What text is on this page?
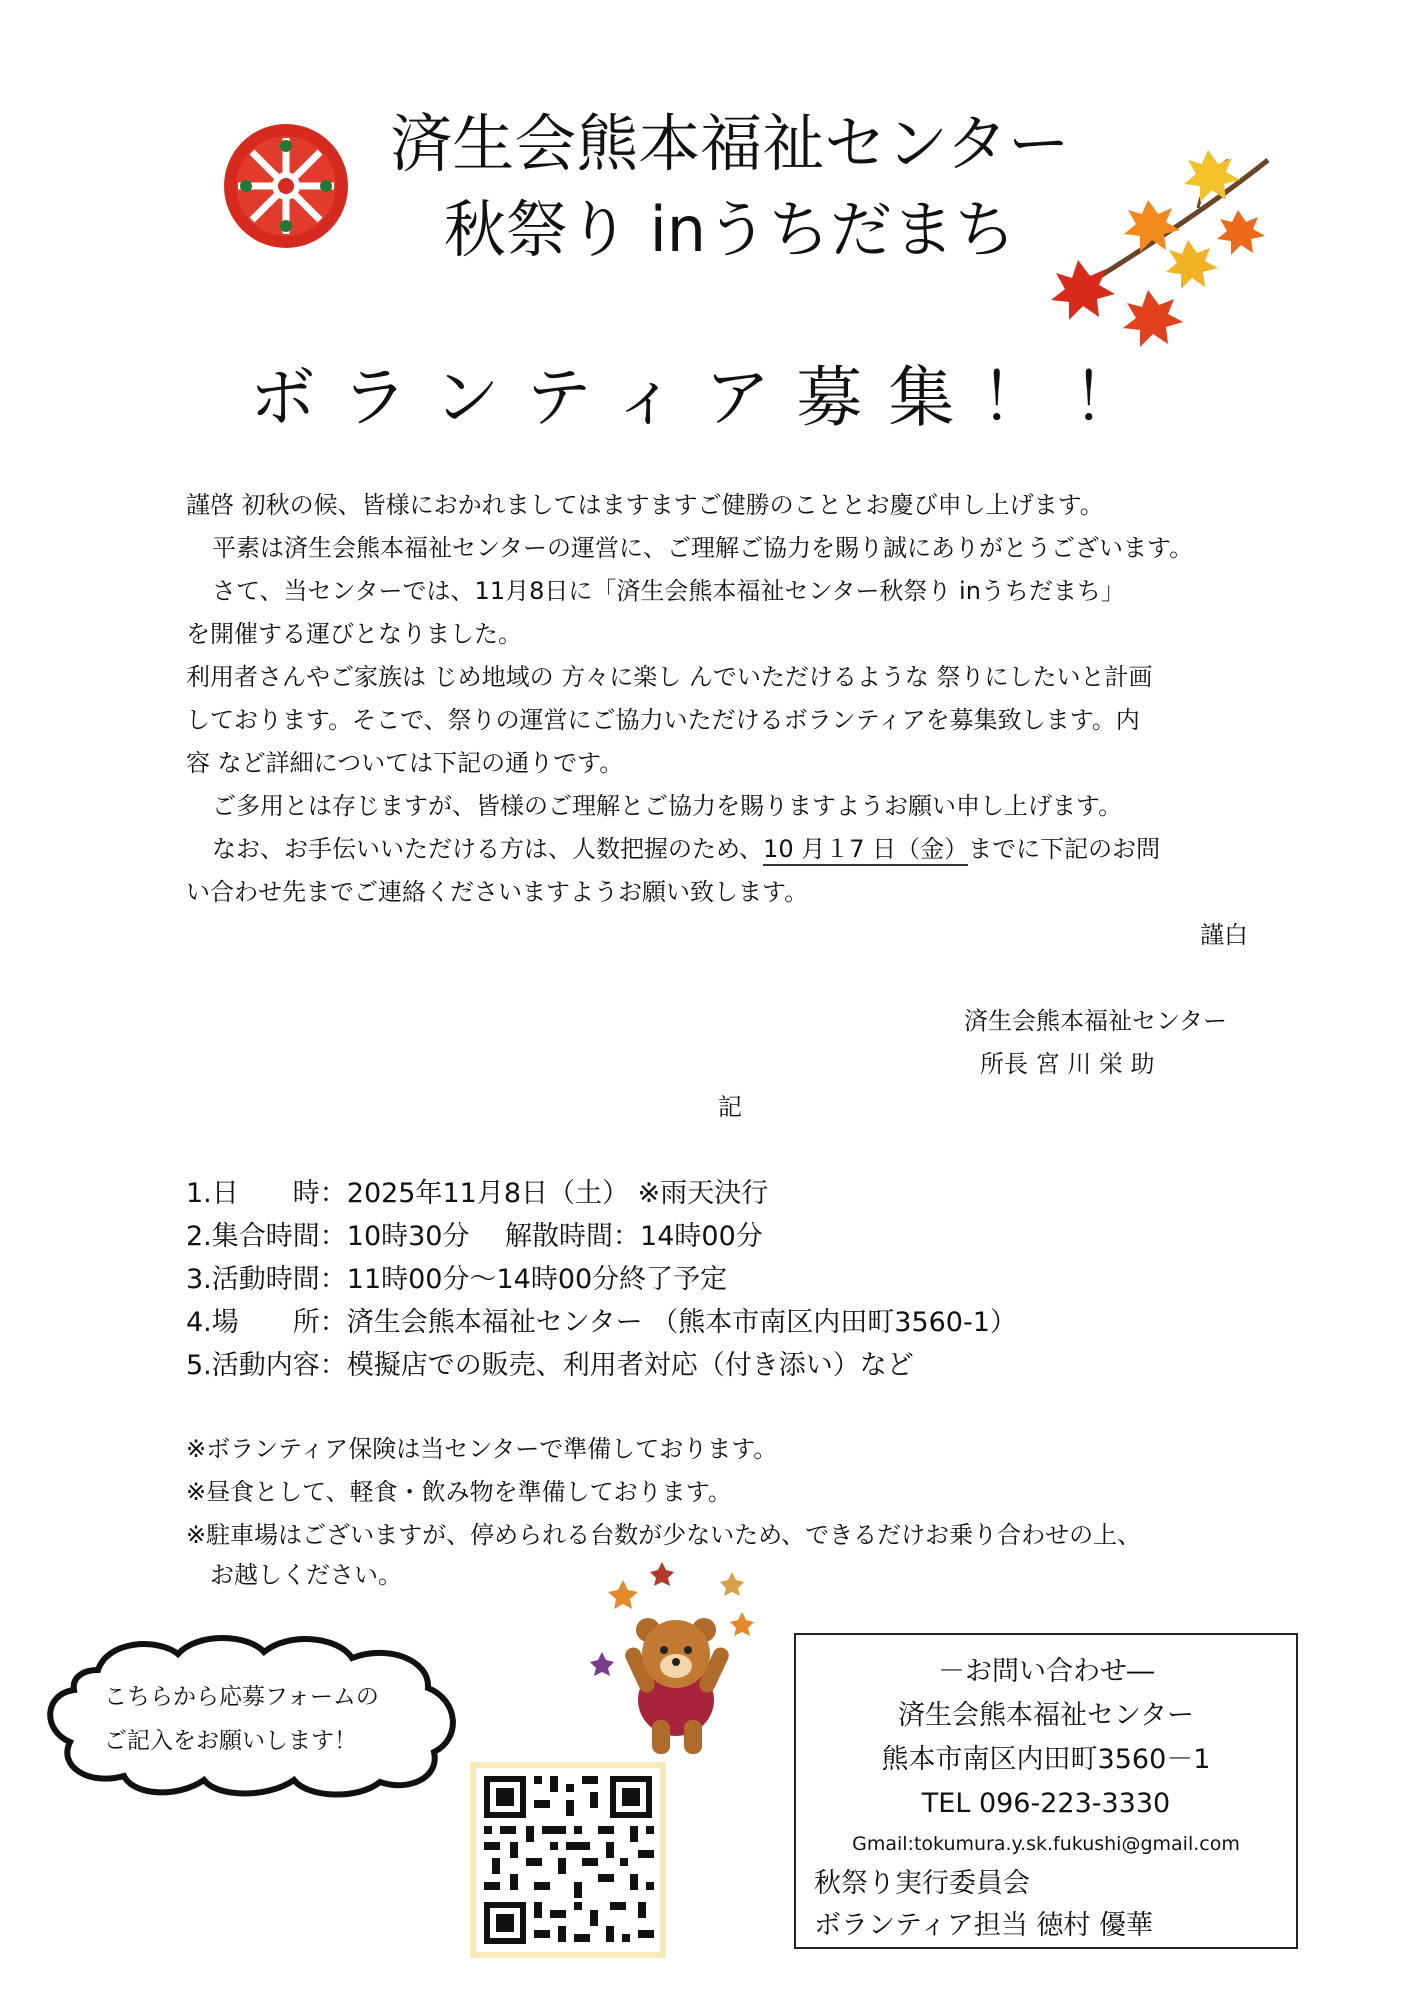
済生会熊本福祉センター
秋祭り inうちだまち
ボランティア募集！！
謹啓 初秋の候、皆様におかれましてはますますご健勝のこととお慶び申し上げます。
平素は済生会熊本福祉センターの運営に、ご理解ご協力を賜り誠にありがとうございます。
さて、当センターでは、11月8日に「済生会熊本福祉センター秋祭り inうちだまち」
を開催する運びとなりました。
利用者さんやご家族は じめ地域の 方々に楽し んでいただけるような 祭りにしたいと計画
しております。そこで、祭りの運営にご協力いただけるボランティアを募集致します。内
容 など詳細については下記の通りです。
ご多用とは存じますが、皆様のご理解とご協力を賜りますようお願い申し上げます。
なお、お手伝いいただける方は、人数把握のため、10 月１7 日（金）までに下記のお問
い合わせ先までご連絡くださいますようお願い致します。
謹白
済生会熊本福祉センター
所長 宮 川 栄 助
記
1.日　　時：2025年11月8日（土） ※雨天決行
2.集合時間：10時30分　 解散時間：14時00分
3.活動時間：11時00分～14時00分終了予定
4.場　　所：済生会熊本福祉センター （熊本市南区内田町3560-1）
5.活動内容：模擬店での販売、利用者対応（付き添い）など
※ボランティア保険は当センターで準備しております。
※昼食として、軽食・飲み物を準備しております。
※駐車場はございますが、停められる台数が少ないため、できるだけお乗り合わせの上、
　お越しください。
こちらから応募フォームの
ご記入をお願いします！
－お問い合わせ―
済生会熊本福祉センター
熊本市南区内田町3560－1
TEL 096-223-3330
Gmail:tokumura.y.sk.fukushi@gmail.com
秋祭り実行委員会
ボランティア担当 徳村 優華
